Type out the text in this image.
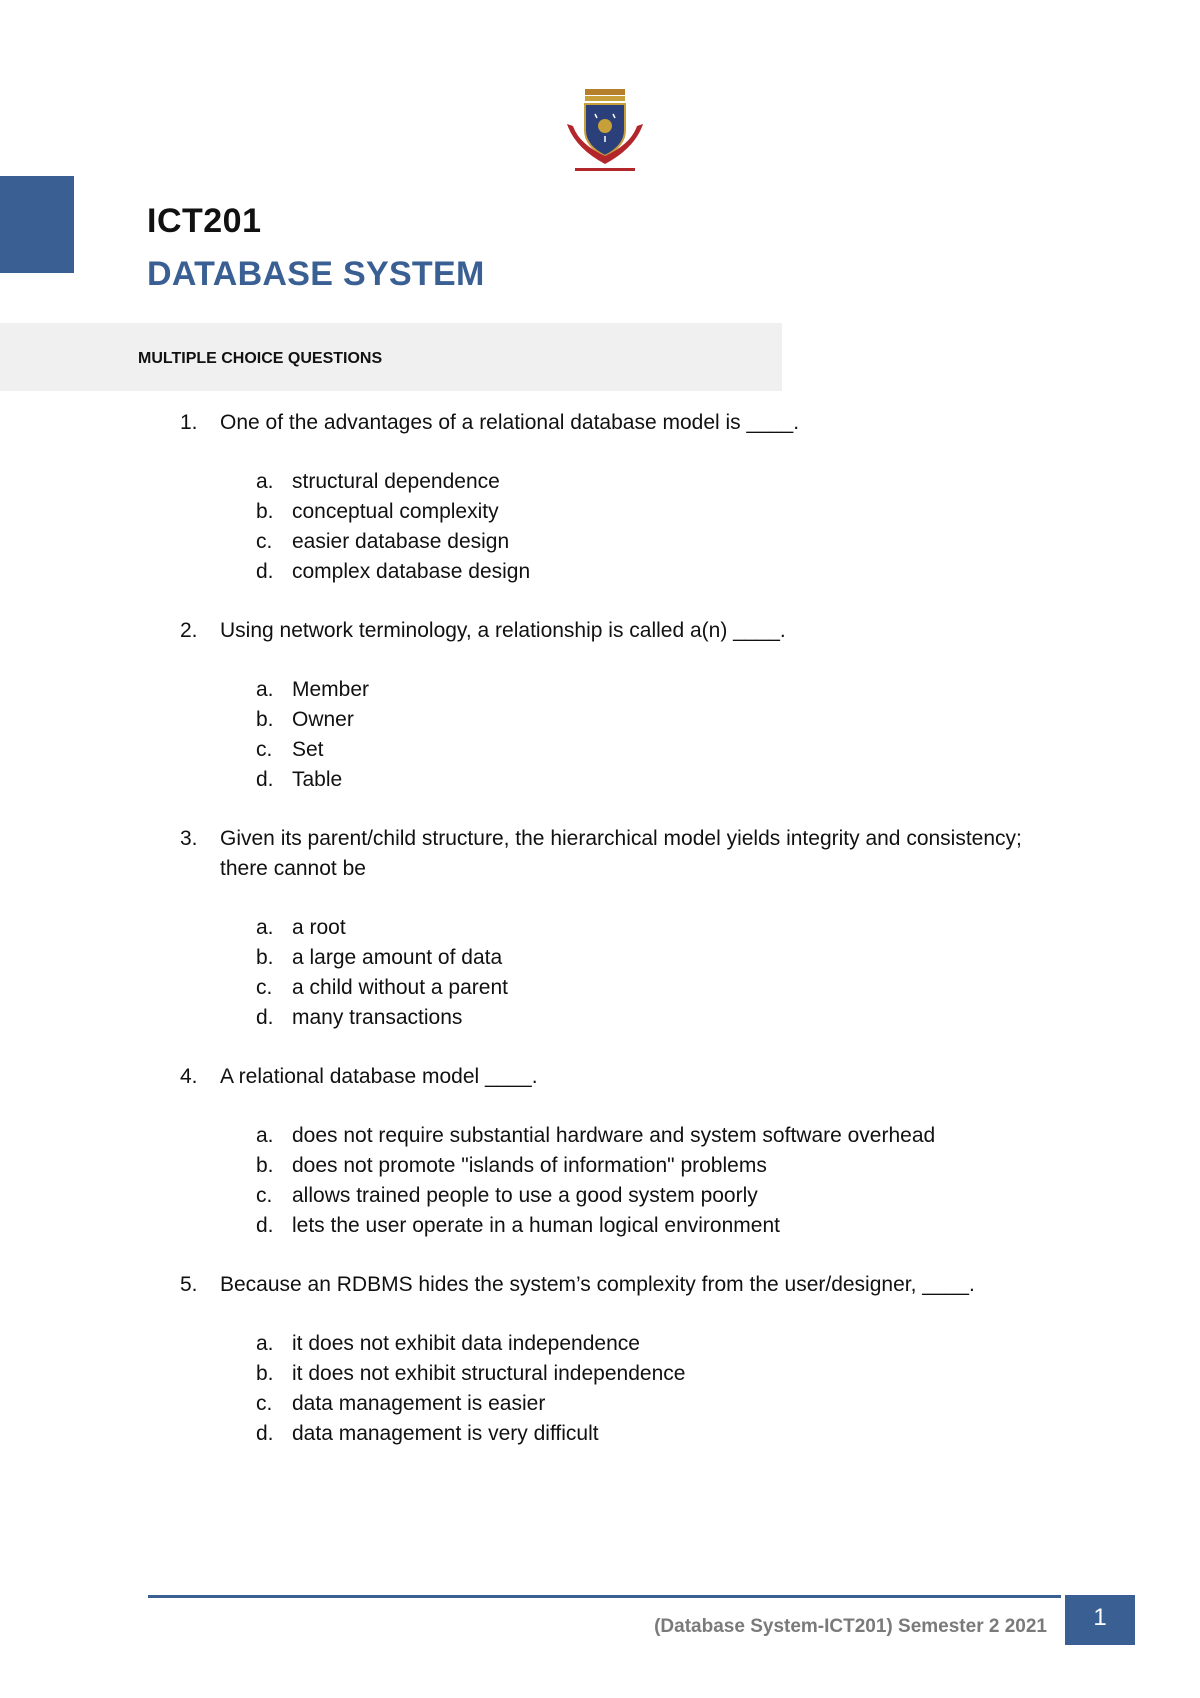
ICT201
DATABASE SYSTEM
MULTIPLE CHOICE QUESTIONS
1.	One of the advantages of a relational database model is ____.
a. structural dependence
b. conceptual complexity
c. easier database design
d. complex database design
2.	Using network terminology, a relationship is called a(n) ____.
a. Member
b. Owner
c. Set
d. Table
3.	Given its parent/child structure, the hierarchical model yields integrity and consistency; there cannot be
a. a root
b. a large amount of data
c. a child without a parent
d. many transactions
4.	A relational database model ____.
a. does not require substantial hardware and system software overhead
b. does not promote "islands of information" problems
c. allows trained people to use a good system poorly
d. lets the user operate in a human logical environment
5.	Because an RDBMS hides the system’s complexity from the user/designer, ____.
a. it does not exhibit data independence
b. it does not exhibit structural independence
c. data management is easier
d. data management is very difficult
(Database System-ICT201) Semester 2 2021	1
